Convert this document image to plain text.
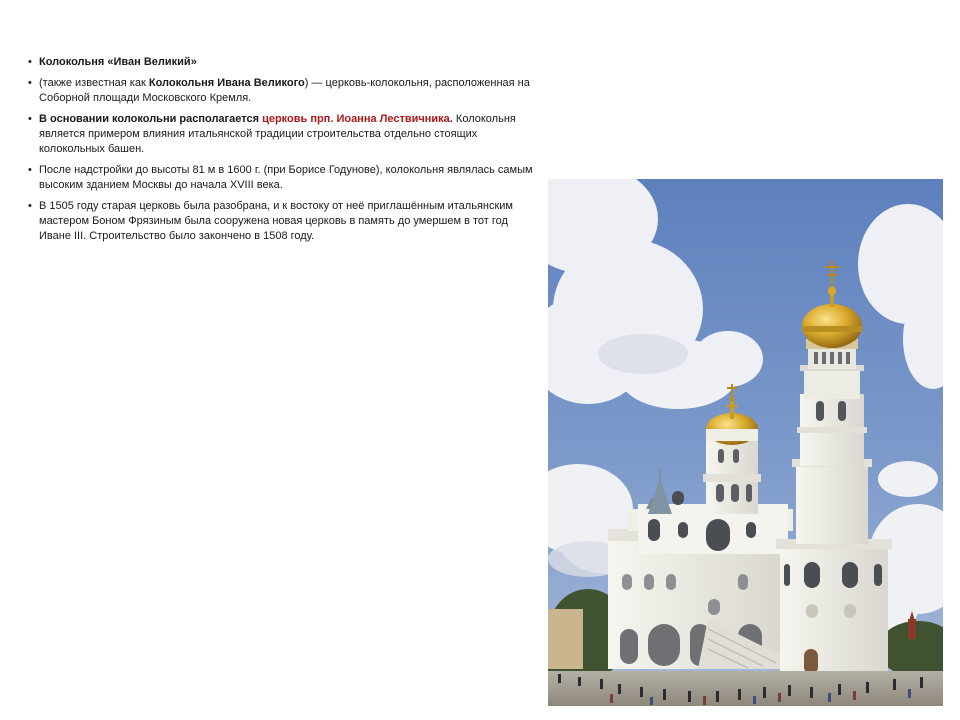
• Колокольня «Иван Великий»
• (также известная как Колокольня Ивана Великого) — церковь-колокольня, расположенная на Соборной площади Московского Кремля.
• В основании колокольни располагается церковь прп. Иоанна Лествичника. Колокольня является примером влияния итальянской традиции строительства отдельно стоящих колокольных башен.
• После надстройки до высоты 81 м в 1600 г. (при Борисе Годунове), колокольня являлась самым высоким зданием Москвы до начала XVIII века.
• В 1505 году старая церковь была разобрана, и к востоку от неё приглашённым итальянским мастером Боном Фрязиным была сооружена новая церковь в память до умершем в тот год Иване III. Строительство было закончено в 1508 году.
